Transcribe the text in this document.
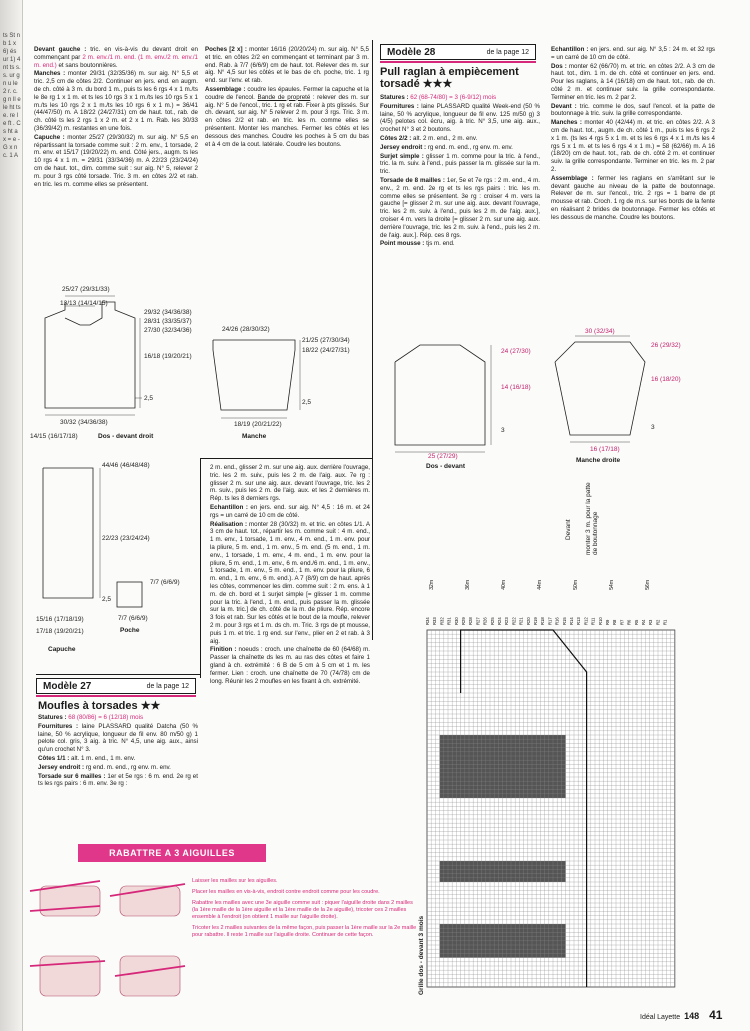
ts St nb 1 x 6) és ur 1) 4 nt ts s. s. ur g n u le 2 r. c. g n ll e le ht ts e. re le ft . C s ht a x = e - G x n c. 1 A

Devant gauche : tric. en vis-à-vis du devant droit en commençant par 2 m. env./1 m. end. (1 m. env./2 m. env./1 m. end.) et sans boutonnières.

Manches : monter 29/31 (32/35/36) m. sur aig. N° 5,5 et tric. 2,5 cm de côtes 2/2. Continuer en jers. end. en augm. de ch. côté à 3 m. du bord 1 m., puis ts les 6 rgs 4 x 1 m./ts le 8e rg 1 x 1 m. et ts les 10 rgs 3 x 1 m./ts les 10 rgs 5 x 1 m./ts les 10 rgs 2 x 1 m./ts les 10 rgs 6 x 1 m.) = 36/41 (44/47/50) m. A 18/22 (24/27/31) cm de haut. tot., rab. de ch. côté ts les 2 rgs 1 x 2 m. et 2 x 1 m. Rab. les 30/33 (36/39/42) m. restantes en une fois.

Capuche : monter 25/27 (29/30/32) m. sur aig. N° 5,5 en répartissant la torsade comme suit : 2 m. env., 1 torsade, 2 m. env. et 15/17 (19/20/22) m. end. Côté jers., augm. ts les 10 rgs 4 x 1 m. = 29/31 (33/34/36) m. A 22/23 (23/24/24) cm de haut. tot., dim. comme suit : sur aig. N° 5, relever 2 m. pour 3 rgs côté torsade. Tric. 3 m. en côtes 2/2 et rab. en tric. les m. comme elles se présentent.

Poches [2 x] : monter 16/16 (20/20/24) m. sur aig. N° 5,5 et tric. en côtes 2/2 en commençant et terminant par 3 m. end. Rab. à 7/7 (6/6/9) cm de haut. tot. Relever des m. sur aig. N° 4,5 sur les côtés et le bas de ch. poche, tric. 1 rg end. sur l'env. et rab.

Assemblage : coudre les épaules. Fermer la capuche et la coudre de l'encol. Bande de propreté : relever des m. sur aig. N° 5 de l'encol., tric. 1 rg et rab. Fixer à pts glissés. Sur ch. devant, sur aig. N° 5 relever 2 m. pour 3 rgs. Tric. 3 m. en côtes 2/2 et rab. en tric. les m. comme elles se présentent. Monter les manches. Fermer les côtés et les dessous des manches. Coudre les poches à 5 cm du bas et à 4 cm de la cout. latérale. Coudre les boutons.

Modèle 28	de la page 12
Pull raglan à empiècement torsadé ★★★

Statures : 62 (68-74/80) = 3 (6-9/12) mois

Fournitures : laine PLASSARD qualité Week-end (50 % laine, 50 % acrylique, longueur de fil env. 125 m/50 g) 3 (4/5) pelotes col. écru, aig. à tric. N° 3,5, une aig. aux., crochet N° 3 et 2 boutons.

Côtes 2/2 : alt. 2 m. end., 2 m. env.

Jersey endroit : rg end. m. end., rg env. m. env.

Surjet simple : glisser 1 m. comme pour la tric. à l'end., tric. la m. suiv. à l'end., puis passer la m. glissée sur la m. tric.

Torsade de 8 mailles : 1er, 5e et 7e rgs : 2 m. end., 4 m. env., 2 m. end. 2e rg et ts les rgs pairs : tric. les m. comme elles se présentent. 3e rg : croiser 4 m. vers la gauche [= glisser 2 m. sur une aig. aux. devant l'ouvrage, tric. les 2 m. suiv. à l'end., puis les 2 m. de l'aig. aux.], croiser 4 m. vers la droite [= glisser 2 m. sur une aig. aux. derrière l'ouvrage, tric. les 2 m. suiv. à l'end., puis les 2 m. de l'aig. aux.]. Rép. ces 8 rgs.

Point mousse : tjs m. end.

Echantillon : en jers. end. sur aig. N° 3,5 : 24 m. et 32 rgs = un carré de 10 cm de côté.

Dos : monter 62 (66/70) m. et tric. en côtes 2/2. A 3 cm de haut. tot., dim. 1 m. de ch. côté et continuer en jers. end. Pour les raglans, à 14 (16/18) cm de haut. tot., rab. de ch. côté 2 m. et continuer suiv. la grille correspondante. Terminer en tric. les m. 2 par 2.

Devant : tric. comme le dos, sauf l'encol. et la patte de boutonnage à tric. suiv. la grille correspondante.

Manches : monter 40 (42/44) m. et tric. en côtes 2/2. A 3 cm de haut. tot., augm. de ch. côté 1 m., puis ts les 6 rgs 2 x 1 m. (ts les 4 rgs 5 x 1 m. et ts les 6 rgs 4 x 1 m./ts les 4 rgs 5 x 1 m. et ts les 6 rgs 4 x 1 m.) = 58 (62/66) m. A 16 (18/20) cm de haut. tot., rab. de ch. côté 2 m. et continuer suiv. la grille correspondante. Terminer en tric. les m. 2 par 2.

Assemblage : fermer les raglans en s'arrêtant sur le devant gauche au niveau de la patte de boutonnage. Relever de m. sur l'encol., tric. 2 rgs = 1 barre de pt mousse et rab. Croch. 1 rg de m.s. sur les bords de la fente en réalisant 2 brides de boutonnage. Fermer les côtés et les dessous de manche. Coudre les boutons.

25/27 (29/31/33)
13/13 (14/14/15)
29/32 (34/36/38)
28/31 (33/35/37)
27/30 (32/34/36)
16/18 (19/20/21)
2,5
30/32 (34/36/38)
14/15 (16/17/18)	Dos - devant droit
24/26 (28/30/32)
21/25 (27/30/34)
18/22 (24/27/31)
2,5
18/19 (20/21/22)
Manche
44/46 (46/48/48)
22/23 (23/24/24)
2,5
15/16 (17/18/19)
17/18 (19/20/21)
Capuche
7/7 (6/6/9)
7/7 (6/6/9)
Poche

2 m. end., glisser 2 m. sur une aig. aux. derrière l'ouvrage, tric. les 2 m. suiv., puis les 2 m. de l'aig. aux. 7e rg : glisser 2 m. sur une aig. aux. devant l'ouvrage, tric. les 2 m. suiv., puis les 2 m. de l'aig. aux. et les 2 dernières m. Rép. ts les 8 derniers rgs.

Echantillon : en jers. end. sur aig. N° 4,5 : 16 m. et 24 rgs = un carré de 10 cm de côté.

Réalisation : monter 28 (30/32) m. et tric. en côtes 1/1. A 3 cm de haut. tot., répartir les m. comme suit : 4 m. end., 1 m. env., 1 torsade, 1 m. env., 4 m. end., 1 m. env. pour la pliure, 5 m. end., 1 m. env., 5 m. end. (5 m. end., 1 m. env., 1 torsade, 1 m. env., 4 m. end., 1 m. env. pour la pliure, 5 m. end., 1 m. env., 6 m. end./6 m. end., 1 m. env., 1 torsade, 1 m. env., 5 m. end., 1 m. env. pour la pliure, 6 m. end., 1 m. env., 6 m. end.). A 7 (8/9) cm de haut. après les côtes, commencer les dim. comme suit : 2 m. ens. à 1 m. de ch. bord et 1 surjet simple [= glisser 1 m. comme pour la tric. à l'end., 1 m. end., puis passer la m. glissée sur la m. tric.] de ch. côté de la m. de pliure. Rép. encore 3 fois et rab. Sur les côtés et le bout de la moufle, relever 2 m. pour 3 rgs et 1 m. ds ch. m. Tric. 3 rgs de pt mousse, puis 1 m. et tric. 1 rg end. sur l'env., plier en 2 et rab. à 3 aig.

Finition : noeuds : croch. une chaînette de 60 (64/68) m. Passer la chaînette ds les m. au ras des côtes et faire 1 gland à ch. extrémité : 6 B de 5 cm à 5 cm et 1 m. les fermer. Lien : croch. une chaînette de 70 (74/78) cm de long. Réunir les 2 moufles en les fixant à ch. extrémité.

Modèle 27	de la page 12
Moufles à torsades ★★

Statures : 68 (80/86) = 6 (12/18) mois

Fournitures : laine PLASSARD qualité Datcha (50 % laine, 50 % acrylique, longueur de fil env. 80 m/50 g) 1 pelote col. gris, 3 aig. à tric. N° 4,5, une aig. aux., ainsi qu'un crochet N° 3.

Côtes 1/1 : alt. 1 m. end., 1 m. env.

Jersey endroit : rg end. m. end., rg env. m. env.

Torsade sur 6 mailles : 1er et 5e rgs : 6 m. end. 2e rg et ts les rgs pairs : 6 m. env. 3e rg :

RABATTRE A 3 AIGUILLES

Laisser les mailles sur les aiguilles.

Placer les mailles en vis-à-vis, endroit contre endroit comme pour les coudre.

Rabattre les mailles avec une 3e aiguille comme suit : piquer l'aiguille droite dans 2 mailles (la 1ère maille de la 1ère aiguille et la 1ère maille de la 2e aiguille), tricoter ces 2 mailles ensemble à l'endroit (on obtient 1 maille sur l'aiguille droite).

Tricoter les 2 mailles suivantes de la même façon, puis passer la 1ère maille sur la 2e maille pour rabattre. Il reste 1 maille sur l'aiguille droite. Continuer de cette façon.

24 (27/30)
14 (16/18)
3
25 (27/29)
Dos - devant
30 (32/34)
26 (29/32)
16 (18/20)
3
16 (17/18)
Manche droite
Devant monter 3 m. pour la patte de boutonnage
Grille dos - devant 3 mois
32m	36m	40m	44m	50m	54m	56m
R34 R33 R32 R31 R30 R29 R28 R27 R26 R25 R24 R23 R22 R21 R20 R19 R18 R17 R16 R15 R14 R13 R12 R11 R10 R9 R8 R7 R6 R5 R4 R3 R2 R1
Idéal Layette 148 41
